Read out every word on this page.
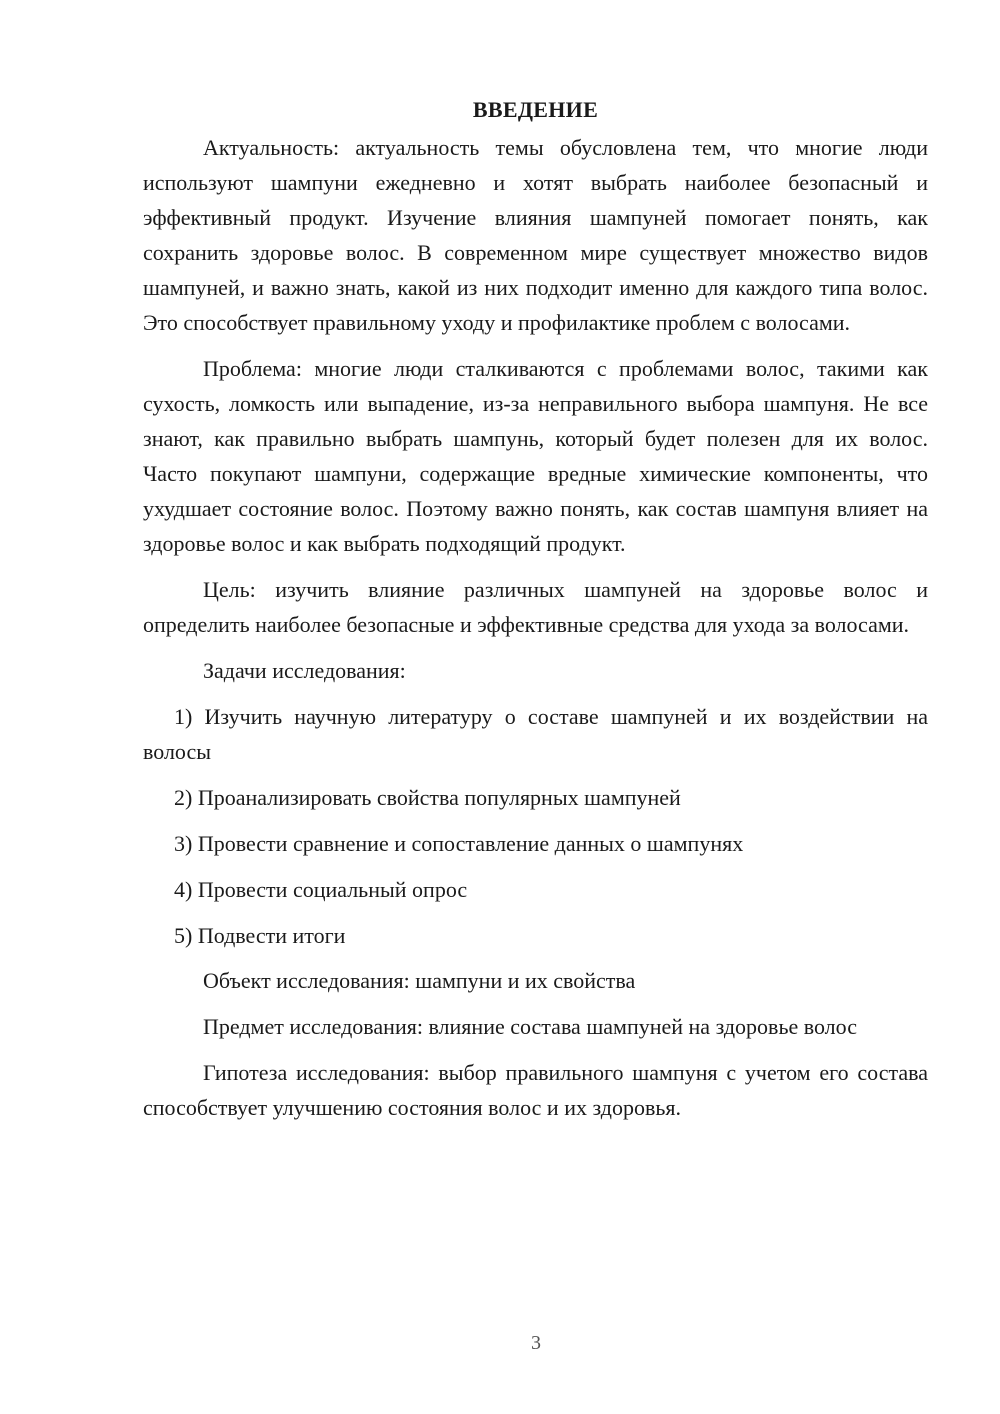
ВВЕДЕНИЕ

Актуальность: актуальность темы обусловлена тем, что многие люди используют шампуни ежедневно и хотят выбрать наиболее безопасный и эффективный продукт. Изучение влияния шампуней помогает понять, как сохранить здоровье волос. В современном мире существует множество видов шампуней, и важно знать, какой из них подходит именно для каждого типа волос. Это способствует правильному уходу и профилактике проблем с волосами.

Проблема: многие люди сталкиваются с проблемами волос, такими как сухость, ломкость или выпадение, из-за неправильного выбора шампуня. Не все знают, как правильно выбрать шампунь, который будет полезен для их волос. Часто покупают шампуни, содержащие вредные химические компоненты, что ухудшает состояние волос. Поэтому важно понять, как состав шампуня влияет на здоровье волос и как выбрать подходящий продукт.

Цель: изучить влияние различных шампуней на здоровье волос и определить наиболее безопасные и эффективные средства для ухода за волосами.

Задачи исследования:

1) Изучить научную литературу о составе шампуней и их воздействии на волосы

2) Проанализировать свойства популярных шампуней

3) Провести сравнение и сопоставление данных о шампунях

4) Провести социальный опрос

5) Подвести итоги

Объект исследования: шампуни и их свойства

Предмет исследования: влияние состава шампуней на здоровье волос

Гипотеза исследования: выбор правильного шампуня с учетом его состава способствует улучшению состояния волос и их здоровья.

3
